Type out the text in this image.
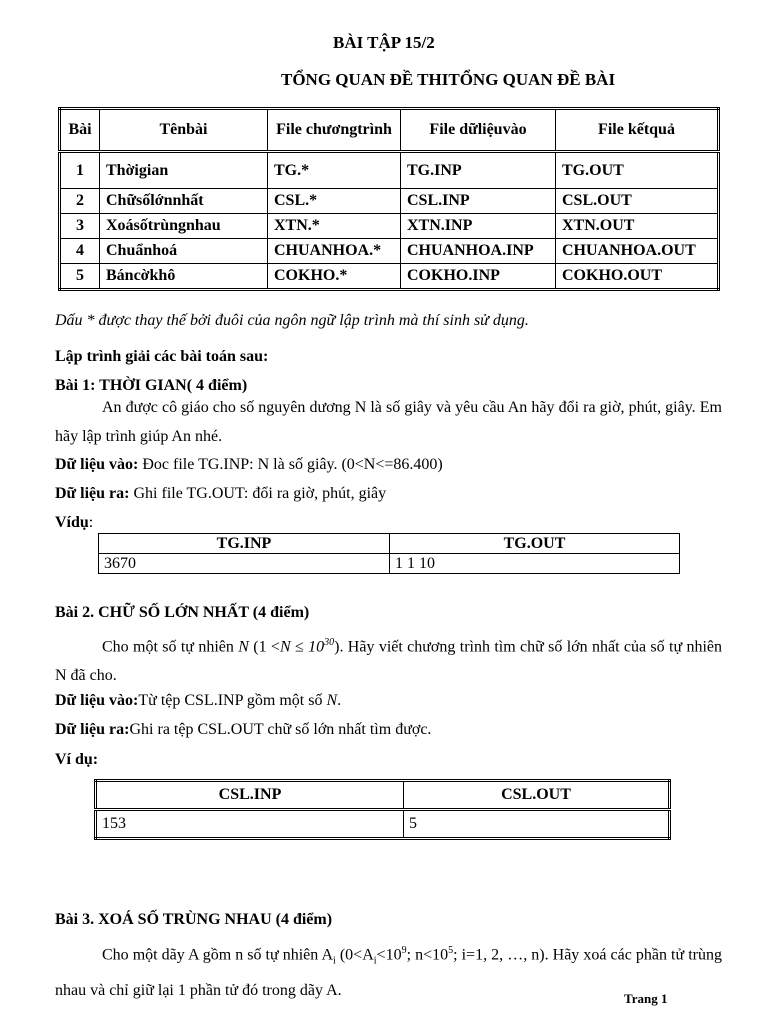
BÀI TẬP 15/2
TỔNG QUAN ĐỀ THITỔNG QUAN ĐỀ BÀI
Bài	Tênbài	File chươngtrình	File dữliệuvào	File kếtquả
1	Thờigian	TG.*	TG.INP	TG.OUT
2	Chữsốlớnnhất	CSL.*	CSL.INP	CSL.OUT
3	Xoásốtrùngnhau	XTN.*	XTN.INP	XTN.OUT
4	Chuẩnhoá	CHUANHOA.*	CHUANHOA.INP	CHUANHOA.OUT
5	Báncờkhô	COKHO.*	COKHO.INP	COKHO.OUT
Dấu * được thay thế bởi đuôi của ngôn ngữ lập trình mà thí sinh sử dụng.
Lập trình giải các bài toán sau:
Bài 1: THỜI GIAN( 4 điểm)
An được cô giáo cho số nguyên dương N là số giây và yêu cầu An hãy đổi ra giờ, phút, giây. Em hãy lập trình giúp An nhé.
Dữ liệu vào: Đoc file TG.INP: N là số giây. (0<N<=86.400)
Dữ liệu ra: Ghi file TG.OUT: đổi ra giờ, phút, giây
Vídụ:
TG.INP	TG.OUT
3670	1 1 10
Bài 2. CHỮ SỐ LỚN NHẤT (4 điểm)
Cho một số tự nhiên N $(1 <N \le 10^{30})$. Hãy viết chương trình tìm chữ số lớn nhất của số tự nhiên N đã cho.
Dữ liệu vào:Từ tệp CSL.INP gồm một số N.
Dữ liệu ra:Ghi ra tệp CSL.OUT chữ số lớn nhất tìm được.
Ví dụ:
CSL.INP	CSL.OUT
153	5
Bài 3. XOÁ SỐ TRÙNG NHAU (4 điểm)
Cho một dãy A gồm n số tự nhiên $A_i$ ($0<A_i<10^9$; $n<10^5$; i=1, 2, …, n). Hãy xoá các phần tử trùng nhau và chỉ giữ lại 1 phần tử đó trong dãy A.	Trang 1
